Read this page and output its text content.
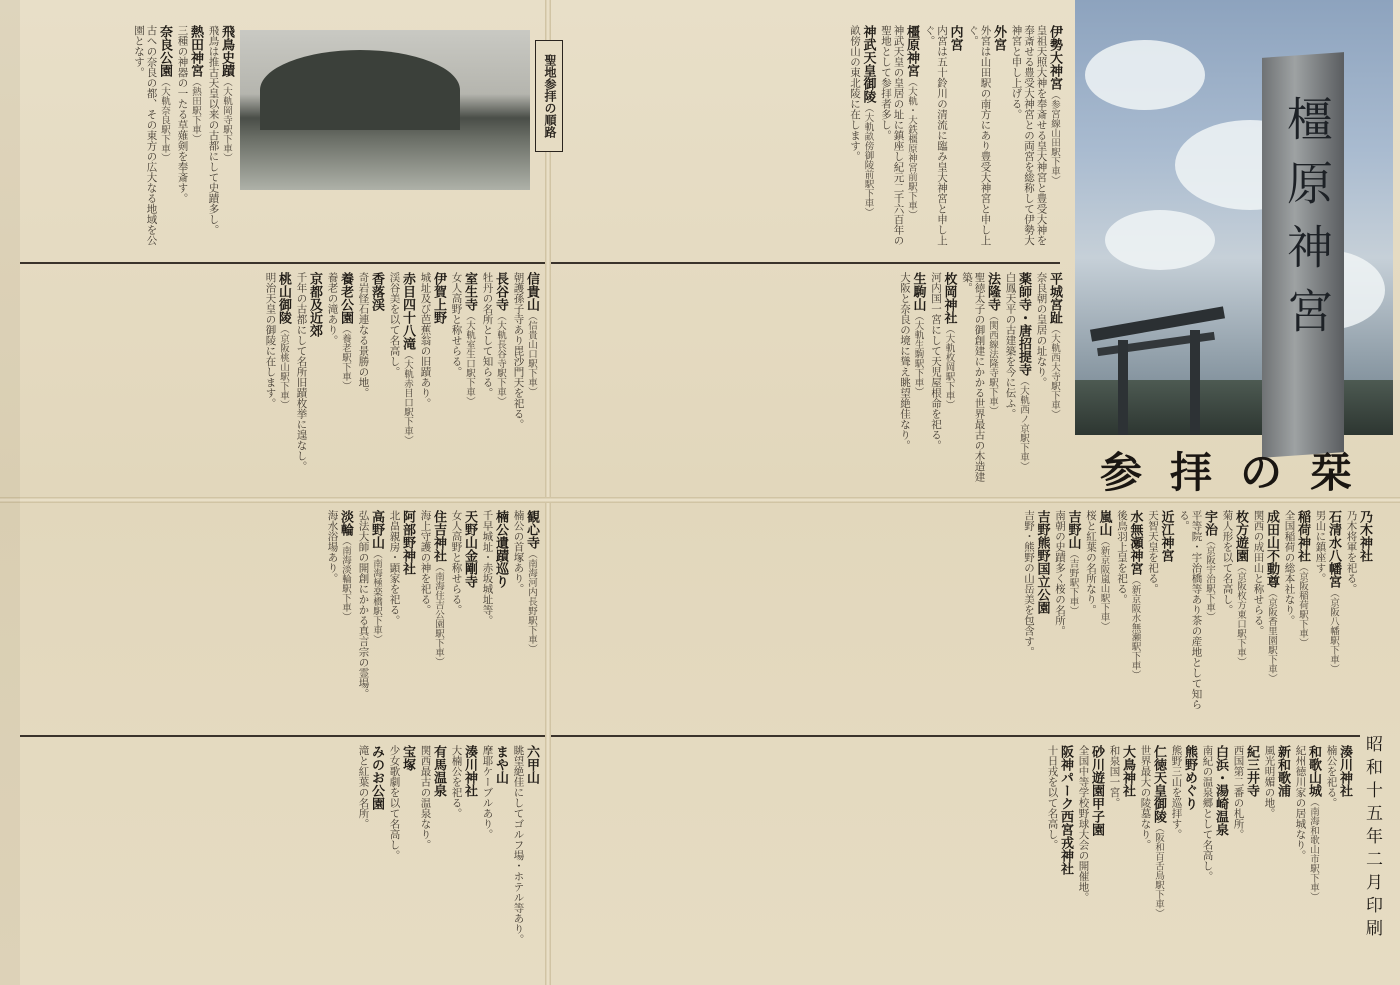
橿原神宮
参拝の栞
聖地参拝の順路
昭和十五年二月印刷
伊勢大神宮（参宮線山田駅下車）

皇祖天照大神を奉斎せる皇大神宮と豊受大神を奉斎せる豊受大神宮との両宮を総称して伊勢大神宮と申し上げる。

外宮

外宮は山田駅の南方にあり豊受大神宮と申し上ぐ。

内宮

内宮は五十鈴川の清流に臨み皇大神宮と申し上ぐ。

橿原神宮（大軌・大鉄橿原神宮前駅下車）

神武天皇の皇居の址に鎮座し紀元二千六百年の聖地として参拝者多し。

神武天皇御陵（大軌畝傍御陵前駅下車）

畝傍山の東北陵に在します。

飛鳥史蹟（大軌岡寺駅下車）

飛鳥は推古天皇以来の古都にして史蹟多し。

熱田神宮（熱田駅下車）

三種の神器の一たる草薙剣を奉斎す。

奈良公園（大軌奈良駅下車）

古への奈良の都、その東方の広大なる地域を公園となす。

平城宮趾（大軌西大寺駅下車）

奈良朝の皇居の址なり。

薬師寺・唐招提寺（大軌西ノ京駅下車）

白鳳天平の古建築を今に伝ふ。

法隆寺（関西線法隆寺駅下車）

聖徳太子の御創建にかかる世界最古の木造建築。

枚岡神社（大軌枚岡駅下車）

河内国一宮にして天児屋根命を祀る。

生駒山（大軌生駒駅下車）

大阪と奈良の境に聳え眺望絶佳なり。

信貴山（信貴山口駅下車）

朝護孫子寺あり毘沙門天を祀る。

長谷寺（大軌長谷寺駅下車）

牡丹の名所として知らる。

室生寺（大軌室生口駅下車）

女人高野と称せらる。

伊賀上野

城址及び芭蕉翁の旧蹟あり。

赤目四十八滝（大軌赤目口駅下車）

渓谷美を以て名高し。

香落渓

奇岩怪石連なる景勝の地。

養老公園（養老駅下車）

養老の滝あり。

京都及近郊

千年の古都にして名所旧蹟枚挙に遑なし。

桃山御陵（京阪桃山駅下車）

明治天皇の御陵に在します。

乃木神社

乃木将軍を祀る。

石清水八幡宮（京阪八幡駅下車）

男山に鎮座す。

稲荷神社（京阪稲荷駅下車）

全国稲荷の総本社なり。

成田山不動尊（京阪香里園駅下車）

関西の成田山と称せらる。

枚方遊園（京阪枚方東口駅下車）

菊人形を以て名高し。

宇治（京阪宇治駅下車）

平等院・宇治橋等あり茶の産地として知らる。

近江神宮

天智天皇を祀る。

水無瀬神宮（新京阪水無瀬駅下車）

後鳥羽上皇を祀る。

嵐山（新京阪嵐山駅下車）

桜と紅葉の名所なり。

吉野山（吉野駅下車）

南朝の史蹟多く桜の名所。

吉野熊野国立公園

吉野・熊野の山岳美を包含す。

観心寺（南海河内長野駅下車）

楠公の首塚あり。

楠公遺蹟巡り

千早城址・赤坂城址等。

天野山金剛寺

女人高野と称せらる。

住吉神社（南海住吉公園駅下車）

海上守護の神を祀る。

阿部野神社

北畠親房・顕家を祀る。

高野山（南海極楽橋駅下車）

弘法大師の開創にかかる真言宗の霊場。

淡輪（南海淡輪駅下車）

海水浴場あり。

湊川神社

楠公を祀る。

和歌山城（南海和歌山市駅下車）

紀州徳川家の居城なり。

新和歌浦

風光明媚の地。

紀三井寺

西国第二番の札所。

白浜・湯崎温泉

南紀の温泉郷として名高し。

熊野めぐり

熊野三山を巡拝す。

仁徳天皇御陵（阪和百舌鳥駅下車）

世界最大の陵墓なり。

大鳥神社

和泉国一宮。

砂川遊園甲子園

全国中等学校野球大会の開催地。

阪神パーク西宮戎神社

十日戎を以て名高し。

六甲山

眺望絶佳にしてゴルフ場・ホテル等あり。

まや山

摩耶ケーブルあり。

湊川神社

大楠公を祀る。

有馬温泉

関西最古の温泉なり。

宝塚

少女歌劇を以て名高し。

みのお公園

滝と紅葉の名所。
